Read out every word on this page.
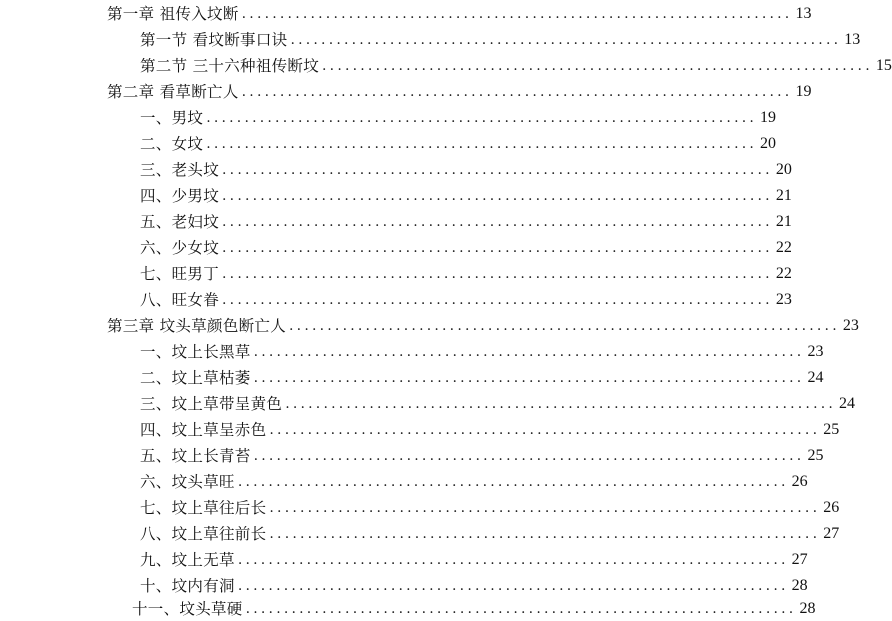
第一章 祖传入坟断 ........................................................................ 13
第一节 看坟断事口诀 ........................................................................ 13
第二节 三十六种祖传断坟 ........................................................................ 15
第二章 看草断亡人 ........................................................................ 19
一、男坟 ........................................................................ 19
二、女坟 ........................................................................ 20
三、老头坟 ........................................................................ 20
四、少男坟 ........................................................................ 21
五、老妇坟 ........................................................................ 21
六、少女坟 ........................................................................ 22
七、旺男丁 ........................................................................ 22
八、旺女眷 ........................................................................ 23
第三章 坟头草颜色断亡人 ........................................................................ 23
一、坟上长黑草 ........................................................................ 23
二、坟上草枯萎 ........................................................................ 24
三、坟上草带呈黄色 ........................................................................ 24
四、坟上草呈赤色 ........................................................................ 25
五、坟上长青苔 ........................................................................ 25
六、坟头草旺 ........................................................................ 26
七、坟上草往后长 ........................................................................ 26
八、坟上草往前长 ........................................................................ 27
九、坟上无草 ........................................................................ 27
十、坟内有洞 ........................................................................ 28
十一、坟头草硬 ........................................................................ 28
